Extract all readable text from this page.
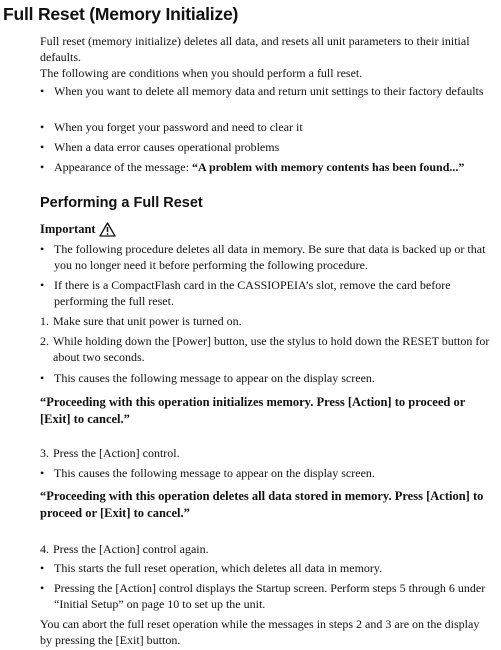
Full Reset (Memory Initialize)

Full reset (memory initialize) deletes all data, and resets all unit parameters to their initial defaults.

The following are conditions when you should perform a full reset.

• When you want to delete all memory data and return unit settings to their factory defaults
• When you forget your password and need to clear it
• When a data error causes operational problems
• Appearance of the message: “A problem with memory contents has been found...”
Performing a Full Reset
Important
• The following procedure deletes all data in memory. Be sure that data is backed up or that you no longer need it before performing the following procedure.
• If there is a CompactFlash card in the CASSIOPEIA’s slot, remove the card before performing the full reset.
1. Make sure that unit power is turned on.
2. While holding down the [Power] button, use the stylus to hold down the RESET button for about two seconds.
• This causes the following message to appear on the display screen.

“Proceeding with this operation initializes memory. Press [Action] to proceed or [Exit] to cancel.”

3. Press the [Action] control.
• This causes the following message to appear on the display screen.

“Proceeding with this operation deletes all data stored in memory. Press [Action] to proceed or [Exit] to cancel.”

4. Press the [Action] control again.
• This starts the full reset operation, which deletes all data in memory.
• Pressing the [Action] control displays the Startup screen. Perform steps 5 through 6 under “Initial Setup” on page 10 to set up the unit.

You can abort the full reset operation while the messages in steps 2 and 3 are on the display by pressing the [Exit] button.
